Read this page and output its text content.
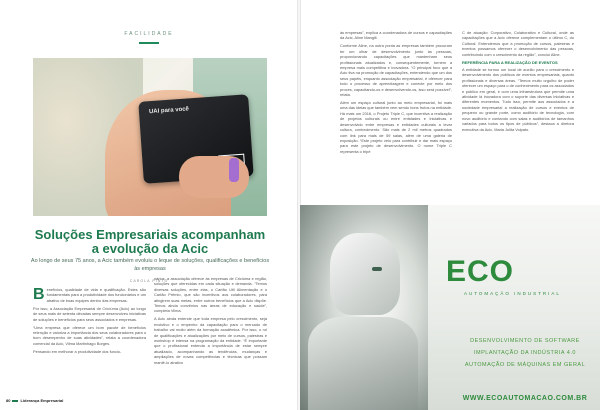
FACILIDADE
UAI para você
Soluções Empresariais acompanham a evolução da Acic

Ao longo de seus 75 anos, a Acic também evoluiu o leque de soluções, qualificações e benefícios às empresas

CAROLA PINTO

Benefícios, qualidade de vida e qualificação. Estes são fundamentais para a produtividade dos funcionários e um atrativo de boas equipes dentro das empresas.

Por isso, a Associação Empresarial de Cricíúma (Acic) ao longo de seus mais de setenta décadas sempre desenvolveu iniciativas de soluções e benefícios para seus associados e empresas.

“Uma empresa que oferece um bom pacote de benefícios retenção e valoriza a importância dos seus colaboradores para o bom desempenho de suas atividades”, relata a coordenadora comercial da Acic, Vilma Martinhago Borges.

Pensando em melhorar a produtividade dos funcio-

nários, a associação oferece às empresas de Criciúma e região, soluções que oferecidas em cada situação e demanda. “Temos diversas soluções, entre elas, o Cartão Util Alimentação e o Cartão Prêmio, que são incentivos aos colaboradores, para atingirem suas metas, entre outros benefícios que a Acic dispõe. Temos ainda convênios nas áreas de educação e saúde”, completa Vilma.

A Acic ainda entende que toda empresa pelo crescimento, seja evolutivo e o empenho da capacitação para o mercado de trabalho vai muito além da formação acadêmica. Por isso, o rol de qualificações e atualizações por meio de cursos, palestras e workshop é intensa na programação da entidade. “É importante que o profissional entenda a importância de estar sempre atualizado, acompanhando as tendências, mudanças e ampliações de novas competências e técnicas que possam mantê-lo atrativo

80	Liderança Empresarial

às empresas”, explica a coordenadora de cursos e capacitações da Acic, Aline Mangili.

Conforme Aline, na outra ponta as empresas também procuram ter um olhar de desenvolvimento junto às pessoas, proporcionando capacitações que mantenham seus profissionais atualizados e, consequentemente, tornem a empresa mais competitiva e inovadora. “O principal foco que a Acic tiva na promoção de capacitações, entendendo que um dos seus papéis, enquanto associação empresarial, é oferecer para todo o processo de aprendizagem e conecte por meio dos proces, capacitando-os e desenvolvendo-os, isso será possível”, relata.

Além um espaço cultural junto ao meio empresarial, foi mais uma das ideias que também vem sendo bons frutos na entidade. Há mais um 2016, o Projeto Triple C, que incentiva a realização de projetos culturais ou entre entidades e iniciativas e desenvolvido entre empresas e entidades culturais a levar cultura, conhecimento. São mais de 2 mil metros quadrados com link para mais de 59 salas, além de uma galeria de exposição. “Este projeto veio para contribuir e dar mais espaço para este projeto de desenvolvimento. O nome Triple C representa o tripé

C de atuação: Corporativo, Colaborativo e Cultural, onde as capacitações que a Acic oferece complementam o último C, do Cultural. Entendemos que a promoção de cursos, palestras e eventos possamos oferecer o desenvolvimento das pessoas, contribuindo com o crescimento da região”, concluí Aline.

REFERÊNCIA PARA A REALIZAÇÃO DE EVENTOS

A entidade se tornou um local de auxílio para o crescimento e desenvolvimento dos públicos de eventos empresariais, quanto profissionais e diversas áreas. “Temos muito orgulho de poder oferecer um espaço para o de conhecimento para os associados e público em geral, e com uma infraestrutura que permite uma atividade lá inovadora com o suporte das diversas iniciativas e diferentes momentos. Tudo isso, permite aos associados e a sociedade empresarial a realização de cursos e eventos de pequeno ou grande porte, como auditório de tecnologia, com novo auditório e contando com salas e auditórios de tamanhos variados para todos os tipos de públicos”, destaca a diretora executiva da Acic, Maria Julita Volpato.

ECO
AUTOMAÇÃO INDUSTRIAL
DESENVOLVIMENTO DE SOFTWARE
IMPLANTAÇÃO DA INDÚSTRIA 4.0
AUTOMAÇÃO DE MÁQUINAS EM GERAL
WWW.ECOAUTOMACAO.COM.BR
